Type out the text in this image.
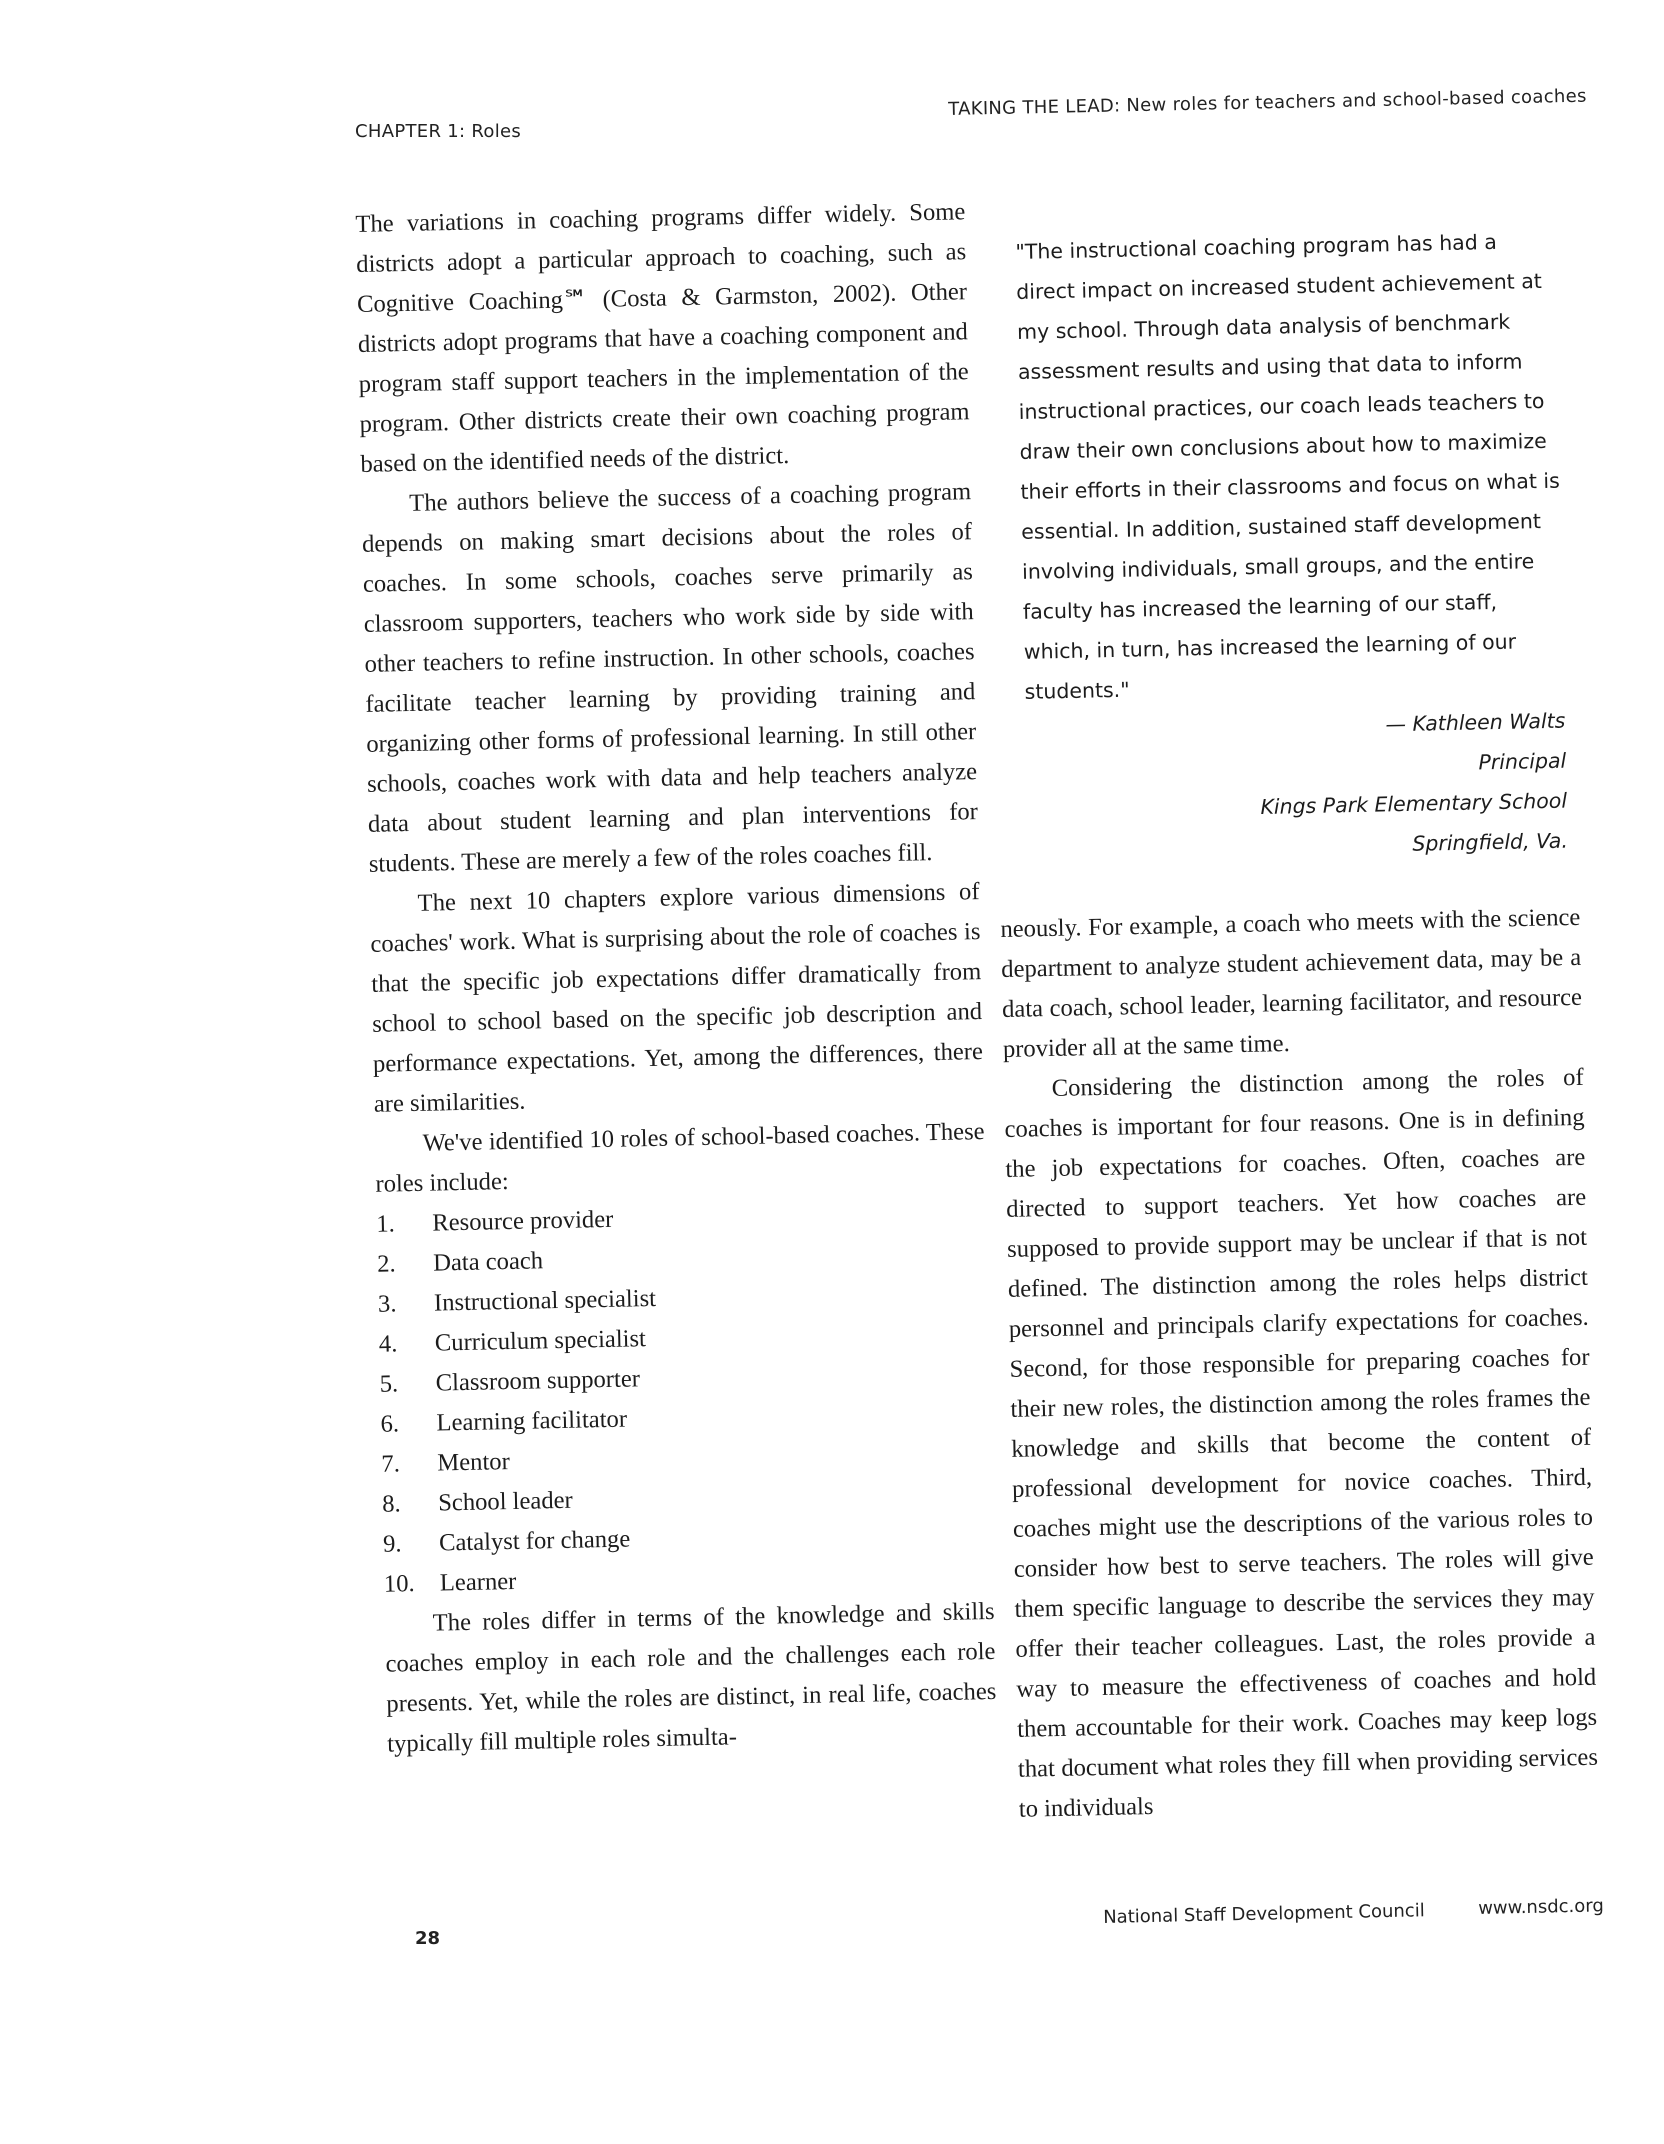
CHAPTER 1: Roles
TAKING THE LEAD: New roles for teachers and school-based coaches

The variations in coaching programs differ widely. Some districts adopt a particular approach to coaching, such as Cognitive Coaching℠ (Costa & Garmston, 2002). Other districts adopt programs that have a coaching component and program staff support teachers in the implementation of the program. Other districts create their own coaching program based on the identified needs of the district.

The authors believe the success of a coaching program depends on making smart decisions about the roles of coaches. In some schools, coaches serve primarily as classroom supporters, teachers who work side by side with other teachers to refine instruction. In other schools, coaches facilitate teacher learning by providing training and organizing other forms of professional learning. In still other schools, coaches work with data and help teachers analyze data about student learning and plan interventions for students. These are merely a few of the roles coaches fill.

The next 10 chapters explore various dimensions of coaches' work. What is surprising about the role of coaches is that the specific job expectations differ dramatically from school to school based on the specific job description and performance expectations. Yet, among the differences, there are similarities.

We've identified 10 roles of school-based coaches. These roles include:

1. Resource provider
2. Data coach
3. Instructional specialist
4. Curriculum specialist
5. Classroom supporter
6. Learning facilitator
7. Mentor
8. School leader
9. Catalyst for change
10. Learner

The roles differ in terms of the knowledge and skills coaches employ in each role and the challenges each role presents. Yet, while the roles are distinct, in real life, coaches typically fill multiple roles simulta-

"The instructional coaching program has had a direct impact on increased student achievement at my school. Through data analysis of benchmark assessment results and using that data to inform instructional practices, our coach leads teachers to draw their own conclusions about how to maximize their efforts in their classrooms and focus on what is essential. In addition, sustained staff development involving individuals, small groups, and the entire faculty has increased the learning of our staff, which, in turn, has increased the learning of our students."

— Kathleen Walts
Principal
Kings Park Elementary School
Springfield, Va.

neously. For example, a coach who meets with the science department to analyze student achievement data, may be a data coach, school leader, learning facilitator, and resource provider all at the same time.

Considering the distinction among the roles of coaches is important for four reasons. One is in defining the job expectations for coaches. Often, coaches are directed to support teachers. Yet how coaches are supposed to provide support may be unclear if that is not defined. The distinction among the roles helps district personnel and principals clarify expectations for coaches. Second, for those responsible for preparing coaches for their new roles, the distinction among the roles frames the knowledge and skills that become the content of professional development for novice coaches. Third, coaches might use the descriptions of the various roles to consider how best to serve teachers. The roles will give them specific language to describe the services they may offer their teacher colleagues. Last, the roles provide a way to measure the effectiveness of coaches and hold them accountable for their work. Coaches may keep logs that document what roles they fill when providing services to individuals

28
National Staff Development Council	www.nsdc.org
